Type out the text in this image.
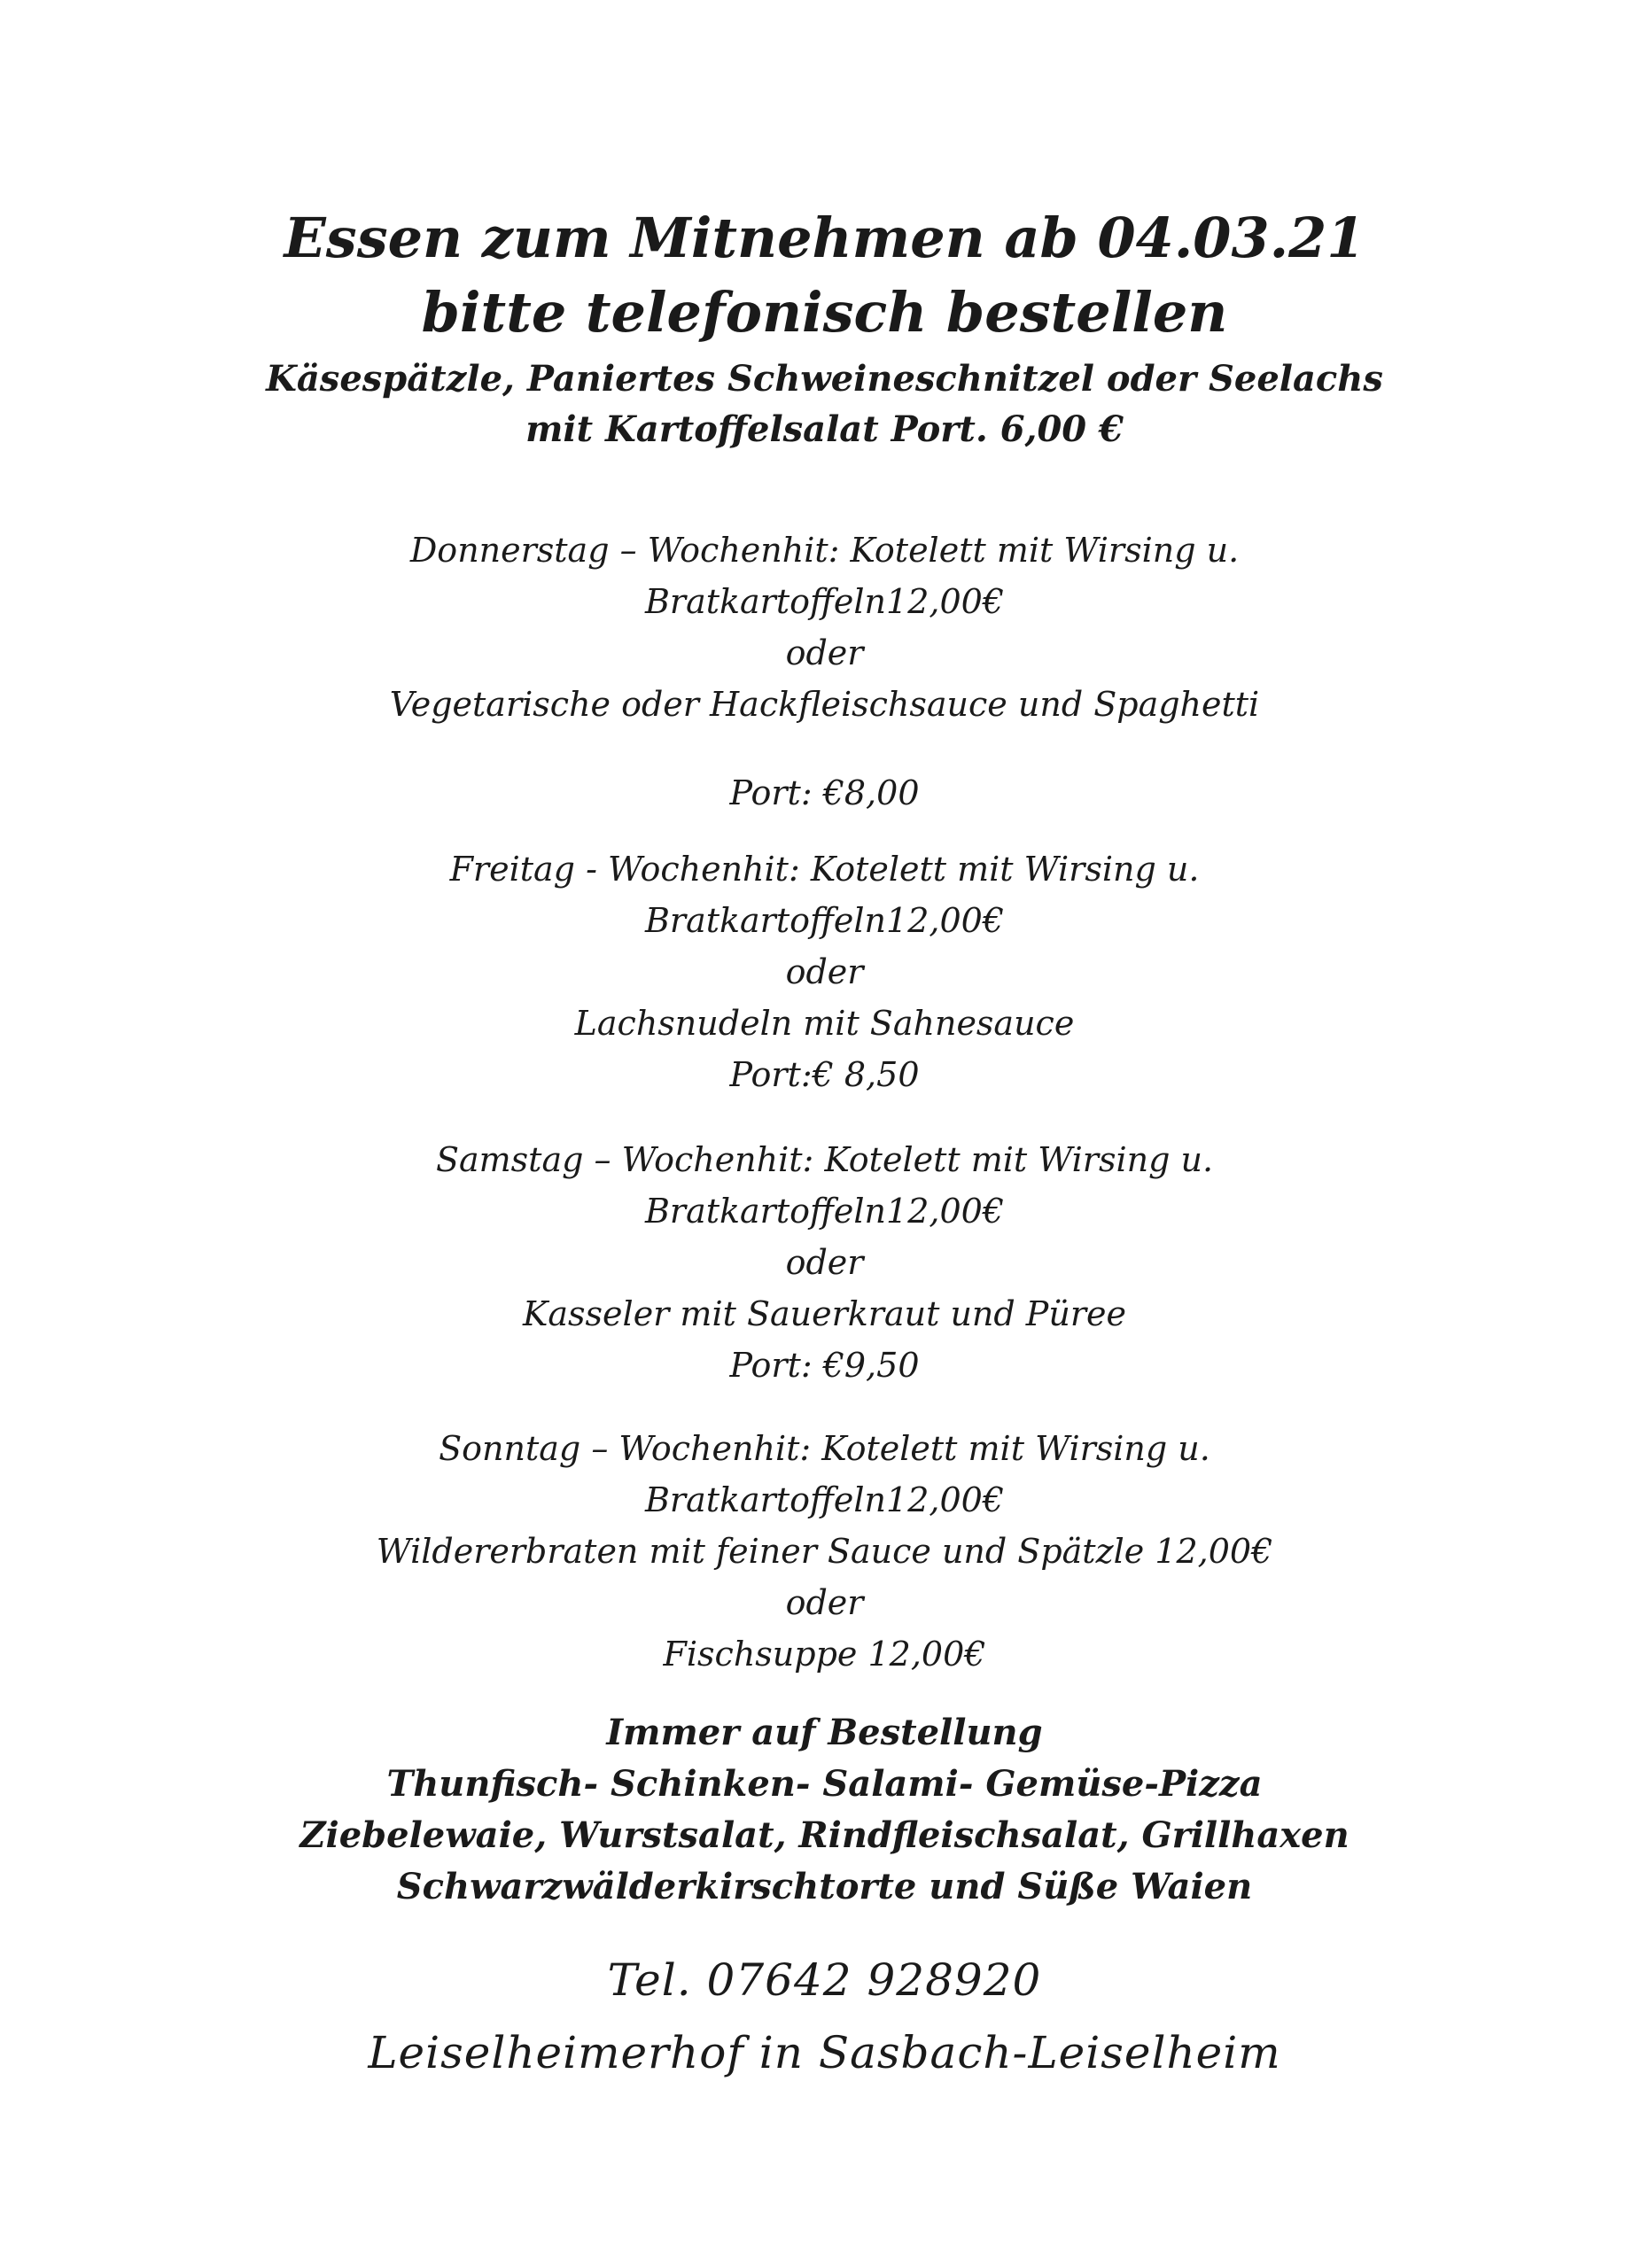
Essen zum Mitnehmen ab 04.03.21
bitte telefonisch bestellen
Käsespätzle, Paniertes Schweineschnitzel oder Seelachs
mit Kartoffelsalat Port. 6,00 €
Donnerstag – Wochenhit: Kotelett mit Wirsing u.
Bratkartoffeln12,00€
oder
Vegetarische oder Hackfleischsauce und Spaghetti
Port: €8,00
Freitag - Wochenhit: Kotelett mit Wirsing u.
Bratkartoffeln12,00€
oder
Lachsnudeln mit Sahnesauce
Port:€ 8,50
Samstag – Wochenhit: Kotelett mit Wirsing u.
Bratkartoffeln12,00€
oder
Kasseler mit Sauerkraut und Püree
Port: €9,50
Sonntag – Wochenhit: Kotelett mit Wirsing u.
Bratkartoffeln12,00€
Wildererbraten mit feiner Sauce und Spätzle 12,00€
oder
Fischsuppe 12,00€
Immer auf Bestellung
Thunfisch- Schinken- Salami- Gemüse-Pizza
Ziebelewaie, Wurstsalat, Rindfleischsalat, Grillhaxen
Schwarzwälderkirschtorte und Süße Waien
Tel. 07642 928920
Leiselheimerhof in Sasbach-Leiselheim
